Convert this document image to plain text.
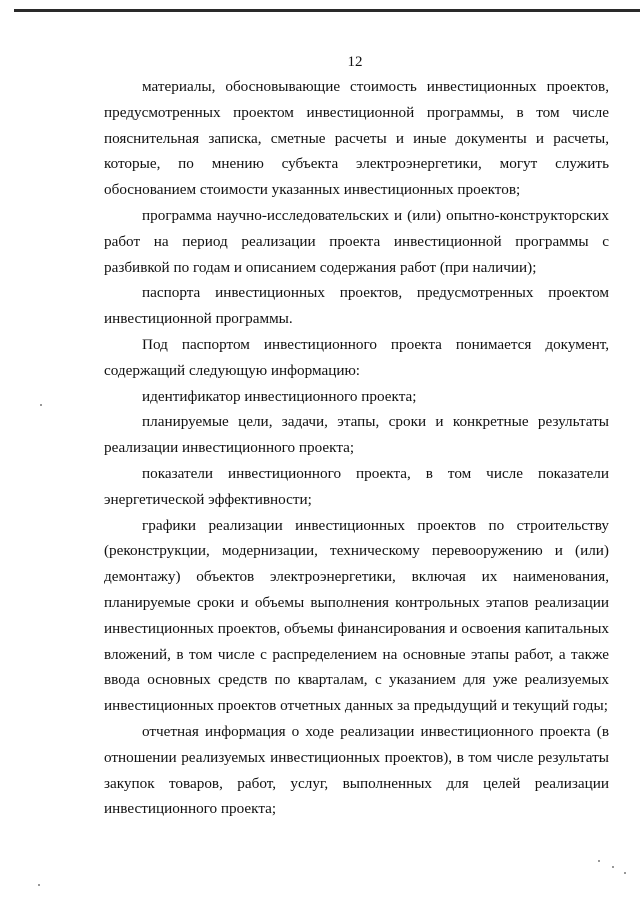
12

материалы, обосновывающие стоимость инвестиционных проектов, предусмотренных проектом инвестиционной программы, в том числе пояснительная записка, сметные расчеты и иные документы и расчеты, которые, по мнению субъекта электроэнергетики, могут служить обоснованием стоимости указанных инвестиционных проектов;

программа научно-исследовательских и (или) опытно-конструкторских работ на период реализации проекта инвестиционной программы с разбивкой по годам и описанием содержания работ (при наличии);

паспорта инвестиционных проектов, предусмотренных проектом инвестиционной программы.

Под паспортом инвестиционного проекта понимается документ, содержащий следующую информацию:

идентификатор инвестиционного проекта;

планируемые цели, задачи, этапы, сроки и конкретные результаты реализации инвестиционного проекта;

показатели инвестиционного проекта, в том числе показатели энергетической эффективности;

графики реализации инвестиционных проектов по строительству (реконструкции, модернизации, техническому перевооружению и (или) демонтажу) объектов электроэнергетики, включая их наименования, планируемые сроки и объемы выполнения контрольных этапов реализации инвестиционных проектов, объемы финансирования и освоения капитальных вложений, в том числе с распределением на основные этапы работ, а также ввода основных средств по кварталам, с указанием для уже реализуемых инвестиционных проектов отчетных данных за предыдущий и текущий годы;

отчетная информация о ходе реализации инвестиционного проекта (в отношении реализуемых инвестиционных проектов), в том числе результаты закупок товаров, работ, услуг, выполненных для целей реализации инвестиционного проекта;
